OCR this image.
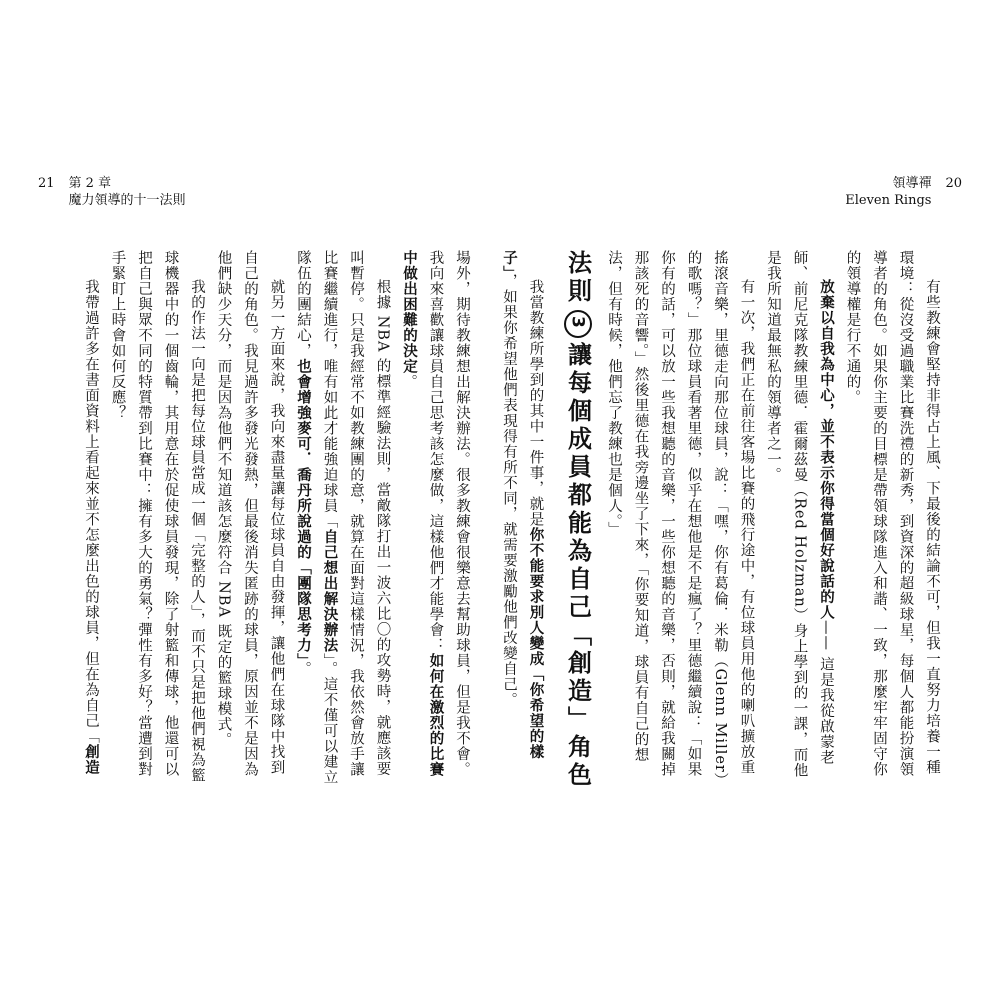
21 第 2 章
魔力領導的十一法則
領導禪
Eleven Rings
20

有些教練會堅持非得占上風、下最後的結論不可，但我一直努力培養一種環境：從沒受過職業比賽洗禮的新秀，到資深的超級球星，每個人都能扮演領導者的角色。如果你主要的目標是帶領球隊進入和諧、一致，那麼牢牢固守你的領導權是行不通的。

放棄以自我為中心，並不表示你得當個好說話的人—— 這是我從啟蒙老師、前尼克隊教練里德．霍爾茲曼（Red Holzman）身上學到的一課，而他是我所知道最無私的領導者之一。

有一次，我們正在前往客場比賽的飛行途中，有位球員用他的喇叭擴放重搖滾音樂，里德走向那位球員，說：「嘿，你有葛倫．米勒（Glenn Miller）的歌嗎？」那位球員看著里德，似乎在想他是不是瘋了？里德繼續說：「如果你有的話，可以放一些我想聽的音樂，一些你想聽的音樂，否則，就給我關掉那該死的音響。」然後里德在我旁邊坐了下來，「你要知道，球員有自己的想法，但有時候，他們忘了教練也是個人。」

法則3讓每個成員都能為自己「創造」角色

我當教練所學到的其中一件事，就是你不能要求別人變成「你希望的樣子」，如果你希望他們表現得有所不同，就需要激勵他們改變自己。

場外，期待教練想出解決辦法。很多教練會很樂意去幫助球員，但是我不會。我向來喜歡讓球員自己思考該怎麼做，這樣他們才能學會：如何在激烈的比賽中做出困難的決定。

根據 NBA 的標準經驗法則，當敵隊打出一波六比〇的攻勢時，就應該要叫暫停。只是我經常不如教練團的意，就算在面對這樣情況，我依然會放手讓比賽繼續進行，唯有如此才能強迫球員「自己想出解決辦法」。這不僅可以建立隊伍的團結心，也會增強麥可．喬丹所說過的「團隊思考力」。

就另一方面來說，我向來盡量讓每位球員自由發揮，讓他們在球隊中找到自己的角色。我見過許多發光發熱，但最後消失匿跡的球員，原因並不是因為他們缺少天分，而是因為他們不知道該怎麼符合 NBA 既定的籃球模式。

我的作法一向是把每位球員當成一個「完整的人」，而不只是把他們視為籃球機器中的一個齒輪，其用意在於促使球員發現，除了射籃和傳球，他還可以把自己與眾不同的特質帶到比賽中：擁有多大的勇氣？彈性有多好？當遭到對手緊盯上時會如何反應？

我帶過許多在書面資料上看起來並不怎麼出色的球員，但在為自己「創造
